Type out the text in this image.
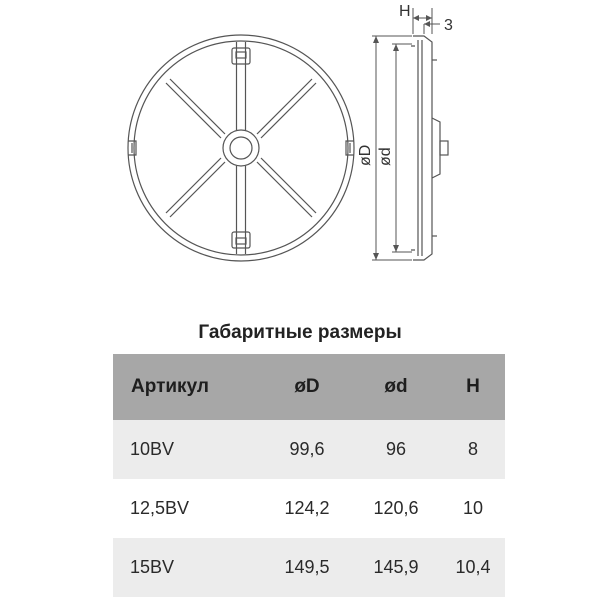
H
3
øD ød
Габаритные размеры
Артикул	øD	ød	H
10BV	99,6	96	8
12,5BV	124,2	120,6	10
15BV	149,5	145,9	10,4
